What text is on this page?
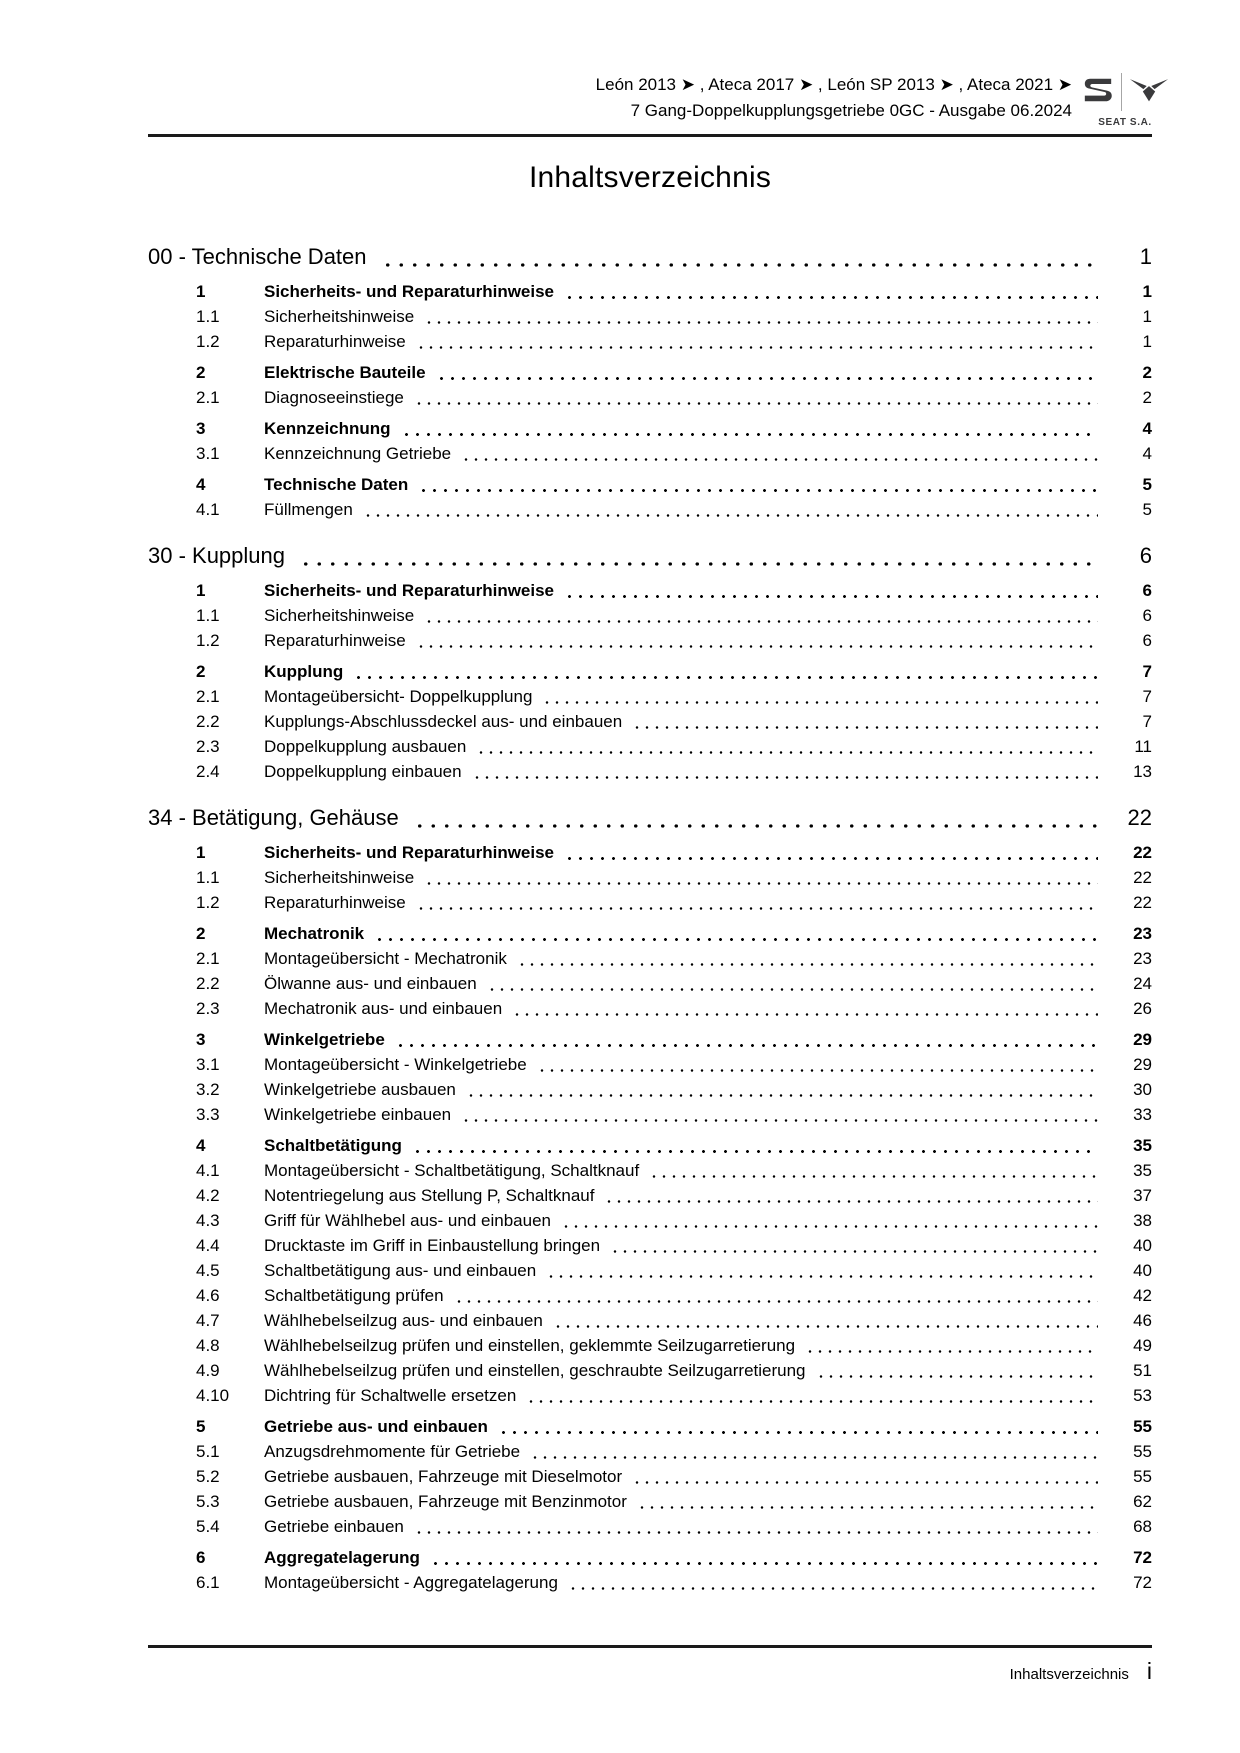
León 2013 ➤ , Ateca 2017 ➤ , León SP 2013 ➤ , Ateca 2021 ➤
7 Gang-Doppelkupplungsgetriebe 0GC - Ausgabe 06.2024
SEAT S.A.
Inhaltsverzeichnis
00 - Technische Daten	1
1	Sicherheits- und Reparaturhinweise	1
1.1	Sicherheitshinweise	1
1.2	Reparaturhinweise	1
2	Elektrische Bauteile	2
2.1	Diagnoseeinstiege	2
3	Kennzeichnung	4
3.1	Kennzeichnung Getriebe	4
4	Technische Daten	5
4.1	Füllmengen	5
30 - Kupplung	6
1	Sicherheits- und Reparaturhinweise	6
1.1	Sicherheitshinweise	6
1.2	Reparaturhinweise	6
2	Kupplung	7
2.1	Montageübersicht- Doppelkupplung	7
2.2	Kupplungs-Abschlussdeckel aus- und einbauen	7
2.3	Doppelkupplung ausbauen	11
2.4	Doppelkupplung einbauen	13
34 - Betätigung, Gehäuse	22
1	Sicherheits- und Reparaturhinweise	22
1.1	Sicherheitshinweise	22
1.2	Reparaturhinweise	22
2	Mechatronik	23
2.1	Montageübersicht - Mechatronik	23
2.2	Ölwanne aus- und einbauen	24
2.3	Mechatronik aus- und einbauen	26
3	Winkelgetriebe	29
3.1	Montageübersicht - Winkelgetriebe	29
3.2	Winkelgetriebe ausbauen	30
3.3	Winkelgetriebe einbauen	33
4	Schaltbetätigung	35
4.1	Montageübersicht - Schaltbetätigung, Schaltknauf	35
4.2	Notentriegelung aus Stellung P, Schaltknauf	37
4.3	Griff für Wählhebel aus- und einbauen	38
4.4	Drucktaste im Griff in Einbaustellung bringen	40
4.5	Schaltbetätigung aus- und einbauen	40
4.6	Schaltbetätigung prüfen	42
4.7	Wählhebelseilzug aus- und einbauen	46
4.8	Wählhebelseilzug prüfen und einstellen, geklemmte Seilzugarretierung	49
4.9	Wählhebelseilzug prüfen und einstellen, geschraubte Seilzugarretierung	51
4.10	Dichtring für Schaltwelle ersetzen	53
5	Getriebe aus- und einbauen	55
5.1	Anzugsdrehmomente für Getriebe	55
5.2	Getriebe ausbauen, Fahrzeuge mit Dieselmotor	55
5.3	Getriebe ausbauen, Fahrzeuge mit Benzinmotor	62
5.4	Getriebe einbauen	68
6	Aggregatelagerung	72
6.1	Montageübersicht - Aggregatelagerung	72
Inhaltsverzeichnis i
